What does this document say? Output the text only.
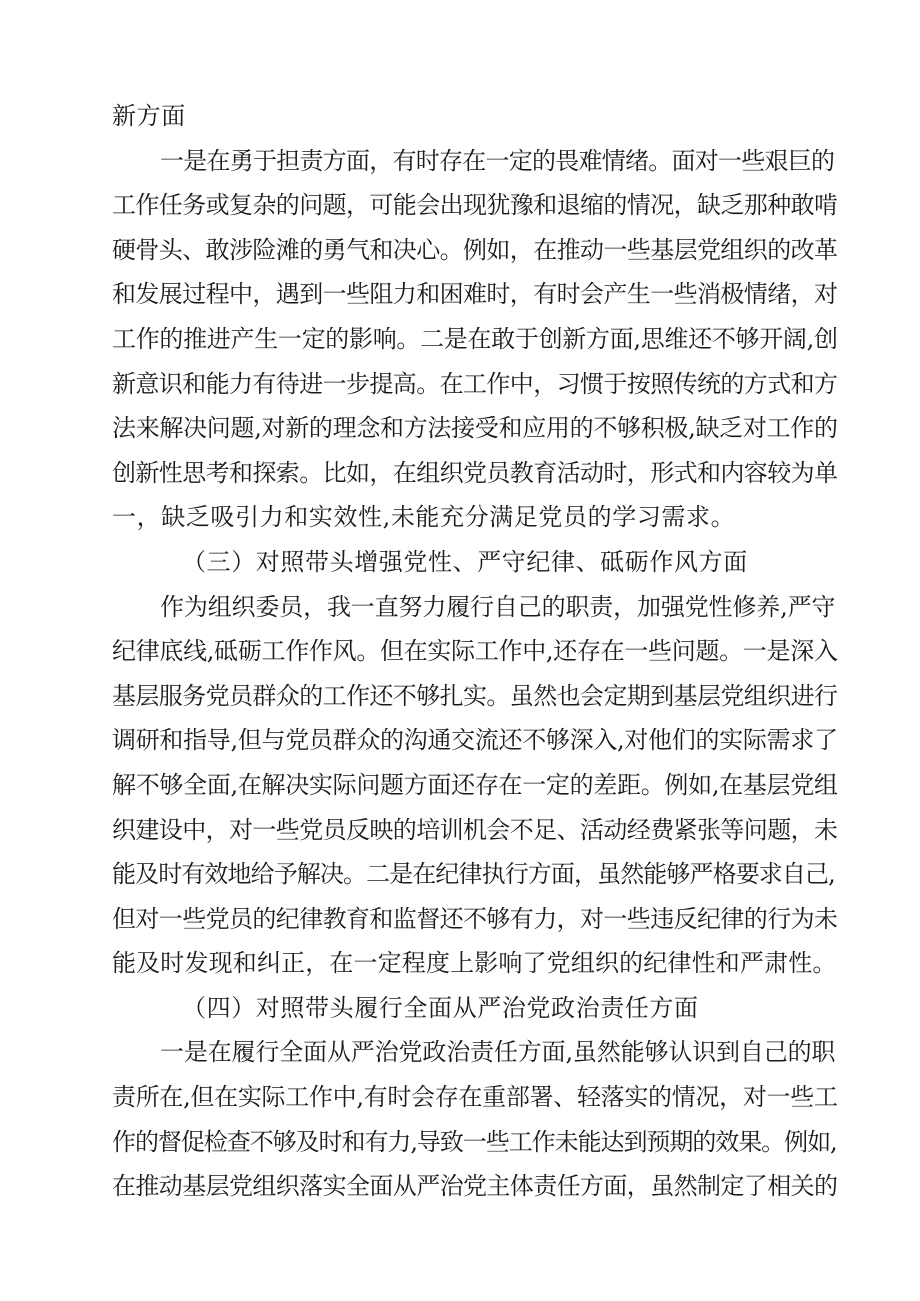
新方面
一是在勇于担责方面，有时存在一定的畏难情绪。面对一些艰巨的
工作任务或复杂的问题，可能会出现犹豫和退缩的情况，缺乏那种敢啃
硬骨头、敢涉险滩的勇气和决心。例如，在推动一些基层党组织的改革
和发展过程中，遇到一些阻力和困难时，有时会产生一些消极情绪，对
工作的推进产生一定的影响。二是在敢于创新方面,思维还不够开阔,创
新意识和能力有待进一步提高。在工作中，习惯于按照传统的方式和方
法来解决问题,对新的理念和方法接受和应用的不够积极,缺乏对工作的
创新性思考和探索。比如，在组织党员教育活动时，形式和内容较为单
一，缺乏吸引力和实效性,未能充分满足党员的学习需求。
（三）对照带头增强党性、严守纪律、砥砺作风方面
作为组织委员，我一直努力履行自己的职责，加强党性修养,严守
纪律底线,砥砺工作作风。但在实际工作中,还存在一些问题。一是深入
基层服务党员群众的工作还不够扎实。虽然也会定期到基层党组织进行
调研和指导,但与党员群众的沟通交流还不够深入,对他们的实际需求了
解不够全面,在解决实际问题方面还存在一定的差距。例如,在基层党组
织建设中，对一些党员反映的培训机会不足、活动经费紧张等问题，未
能及时有效地给予解决。二是在纪律执行方面，虽然能够严格要求自己,
但对一些党员的纪律教育和监督还不够有力，对一些违反纪律的行为未
能及时发现和纠正，在一定程度上影响了党组织的纪律性和严肃性。
（四）对照带头履行全面从严治党政治责任方面
一是在履行全面从严治党政治责任方面,虽然能够认识到自己的职
责所在,但在实际工作中,有时会存在重部署、轻落实的情况，对一些工
作的督促检查不够及时和有力,导致一些工作未能达到预期的效果。例如,
在推动基层党组织落实全面从严治党主体责任方面，虽然制定了相关的
